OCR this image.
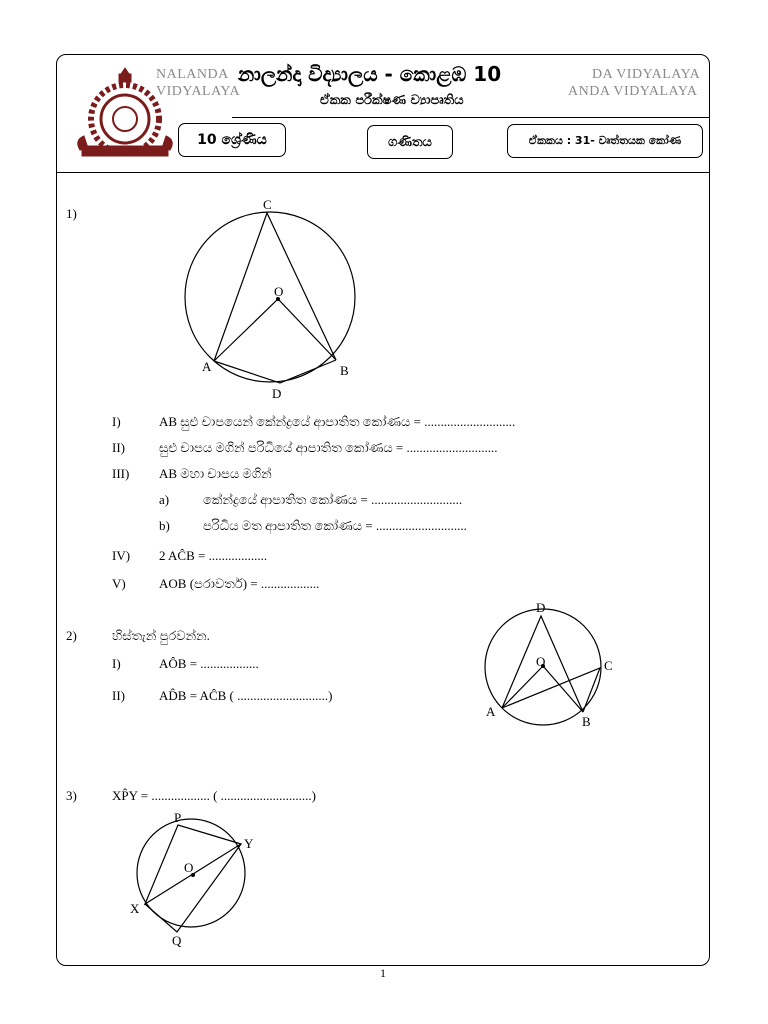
NALANDA
VIDYALAYA
DA VIDYALAYA
ANDA VIDYALAYA
නාලන්දා විද්‍යාලය - කොළඹ 10
ඒකක පරීක්ෂණ ව්‍යාපෘතිය
10 ශ්‍රේණිය	ගණිතය	ඒකකය : 31- වෘත්තයක කෝණ
1)
C
O
A	B
D
I)	AB සුළු චාපයෙන් කේන්ද්‍රයේ ආපාතිත කෝණය = ............................
II)	සුළු චාපය මගින් පරිධියේ ආපාතිත කෝණය = ............................
III) AB මහා චාපය මගින්
a)	කේන්ද්‍රයේ ආපාතිත කෝණය = ............................
b)	පරිධිය මත ආපාතිත කෝණය = ............................
IV) 2 AĈB = ..................
V)	AOB (පරාවර්ත) = ..................
2)	හිස්තැන් පුරවන්න.
I)	AÔB = ..................
II)	AD̂B = AĈB ( ............................)
D
O	C
A
B
3)	XP̂Y = .................. ( ............................)
P
Y
O
X
Q
1
